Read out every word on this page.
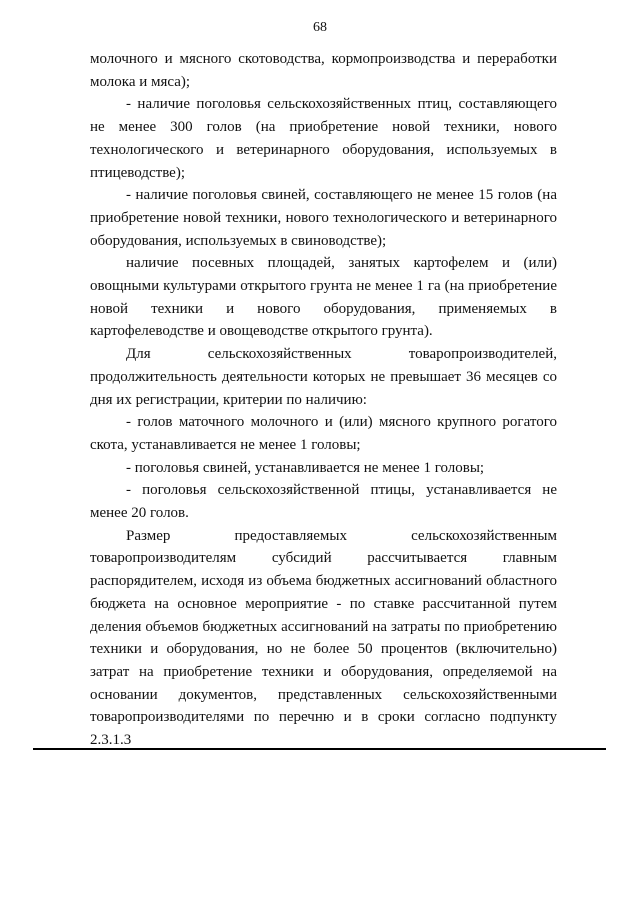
68

молочного и мясного скотоводства, кормопроизводства и переработки молока и мяса);

- наличие поголовья сельскохозяйственных птиц, составляющего не менее 300 голов (на приобретение новой техники, нового технологического и ветеринарного оборудования, используемых в птицеводстве);

- наличие поголовья свиней, составляющего не менее 15 голов (на приобретение новой техники, нового технологического и ветеринарного оборудования, используемых в свиноводстве);

наличие посевных площадей, занятых картофелем и (или) овощными культурами открытого грунта не менее 1 га (на приобретение новой техники и нового оборудования, применяемых в картофелеводстве и овощеводстве открытого грунта).

Для сельскохозяйственных товаропроизводителей,

продолжительность деятельности которых не превышает 36 месяцев со дня их регистрации, критерии по наличию:

- голов маточного молочного и (или) мясного крупного рогатого скота, устанавливается не менее 1 головы;

- поголовья свиней, устанавливается не менее 1 головы;

- поголовья сельскохозяйственной птицы, устанавливается не менее 20 голов.

Размер предоставляемых сельскохозяйственным товаропроизводителям субсидий рассчитывается главным распорядителем, исходя из объема бюджетных ассигнований областного бюджета на основное мероприятие - по ставке рассчитанной путем деления объемов бюджетных ассигнований на затраты по приобретению техники и оборудования, но не более 50 процентов (включительно) затрат на приобретение техники и оборудования, определяемой на основании документов, представленных сельскохозяйственными товаропроизводителями по перечню и в сроки согласно подпункту 2.3.1.3
